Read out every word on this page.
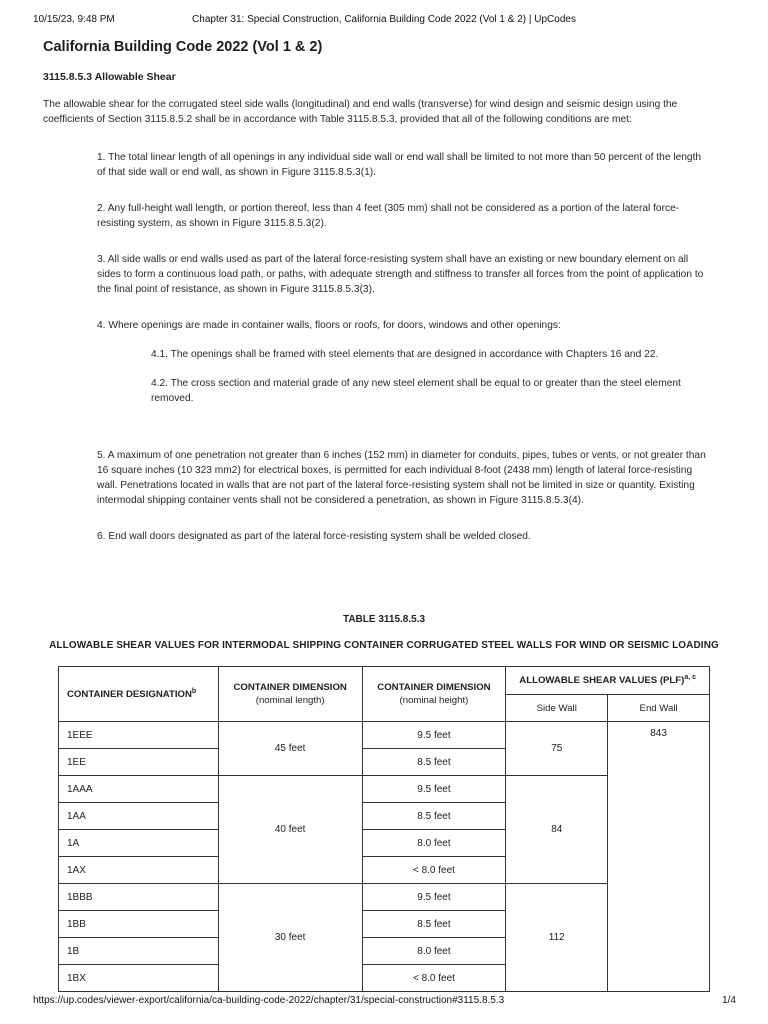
10/15/23, 9:48 PM	Chapter 31: Special Construction, California Building Code 2022 (Vol 1 & 2) | UpCodes
California Building Code 2022 (Vol 1 & 2)
3115.8.5.3 Allowable Shear
The allowable shear for the corrugated steel side walls (longitudinal) and end walls (transverse) for wind design and seismic design using the coefficients of Section 3115.8.5.2 shall be in accordance with Table 3115.8.5.3, provided that all of the following conditions are met:
1. The total linear length of all openings in any individual side wall or end wall shall be limited to not more than 50 percent of the length of that side wall or end wall, as shown in Figure 3115.8.5.3(1).
2. Any full-height wall length, or portion thereof, less than 4 feet (305 mm) shall not be considered as a portion of the lateral force-resisting system, as shown in Figure 3115.8.5.3(2).
3. All side walls or end walls used as part of the lateral force-resisting system shall have an existing or new boundary element on all sides to form a continuous load path, or paths, with adequate strength and stiffness to transfer all forces from the point of application to the final point of resistance, as shown in Figure 3115.8.5.3(3).
4. Where openings are made in container walls, floors or roofs, for doors, windows and other openings:
4.1. The openings shall be framed with steel elements that are designed in accordance with Chapters 16 and 22.
4.2. The cross section and material grade of any new steel element shall be equal to or greater than the steel element removed.
5. A maximum of one penetration not greater than 6 inches (152 mm) in diameter for conduits, pipes, tubes or vents, or not greater than 16 square inches (10 323 mm2) for electrical boxes, is permitted for each individual 8-foot (2438 mm) length of lateral force-resisting wall. Penetrations located in walls that are not part of the lateral force-resisting system shall not be limited in size or quantity. Existing intermodal shipping container vents shall not be considered a penetration, as shown in Figure 3115.8.5.3(4).
6. End wall doors designated as part of the lateral force-resisting system shall be welded closed.
TABLE 3115.8.5.3
ALLOWABLE SHEAR VALUES FOR INTERMODAL SHIPPING CONTAINER CORRUGATED STEEL WALLS FOR WIND OR SEISMIC LOADING
CONTAINER DESIGNATION$^b$	CONTAINER DIMENSION
(nominal length)	CONTAINER DIMENSION
(nominal height)	ALLOWABLE SHEAR VALUES (PLF)$^{a, c}$
			Side Wall	End Wall
1EEE	45 feet	9.5 feet	75	843
1EE		8.5 feet		
1AAA	40 feet	9.5 feet	84	
1AA		8.5 feet		
1A		8.0 feet		
1AX		< 8.0 feet		
1BBB	30 feet	9.5 feet	112	
1BB		8.5 feet		
1B		8.0 feet		
1BX		< 8.0 feet		
https://up.codes/viewer-export/california/ca-building-code-2022/chapter/31/special-construction#3115.8.5.3	1/4
